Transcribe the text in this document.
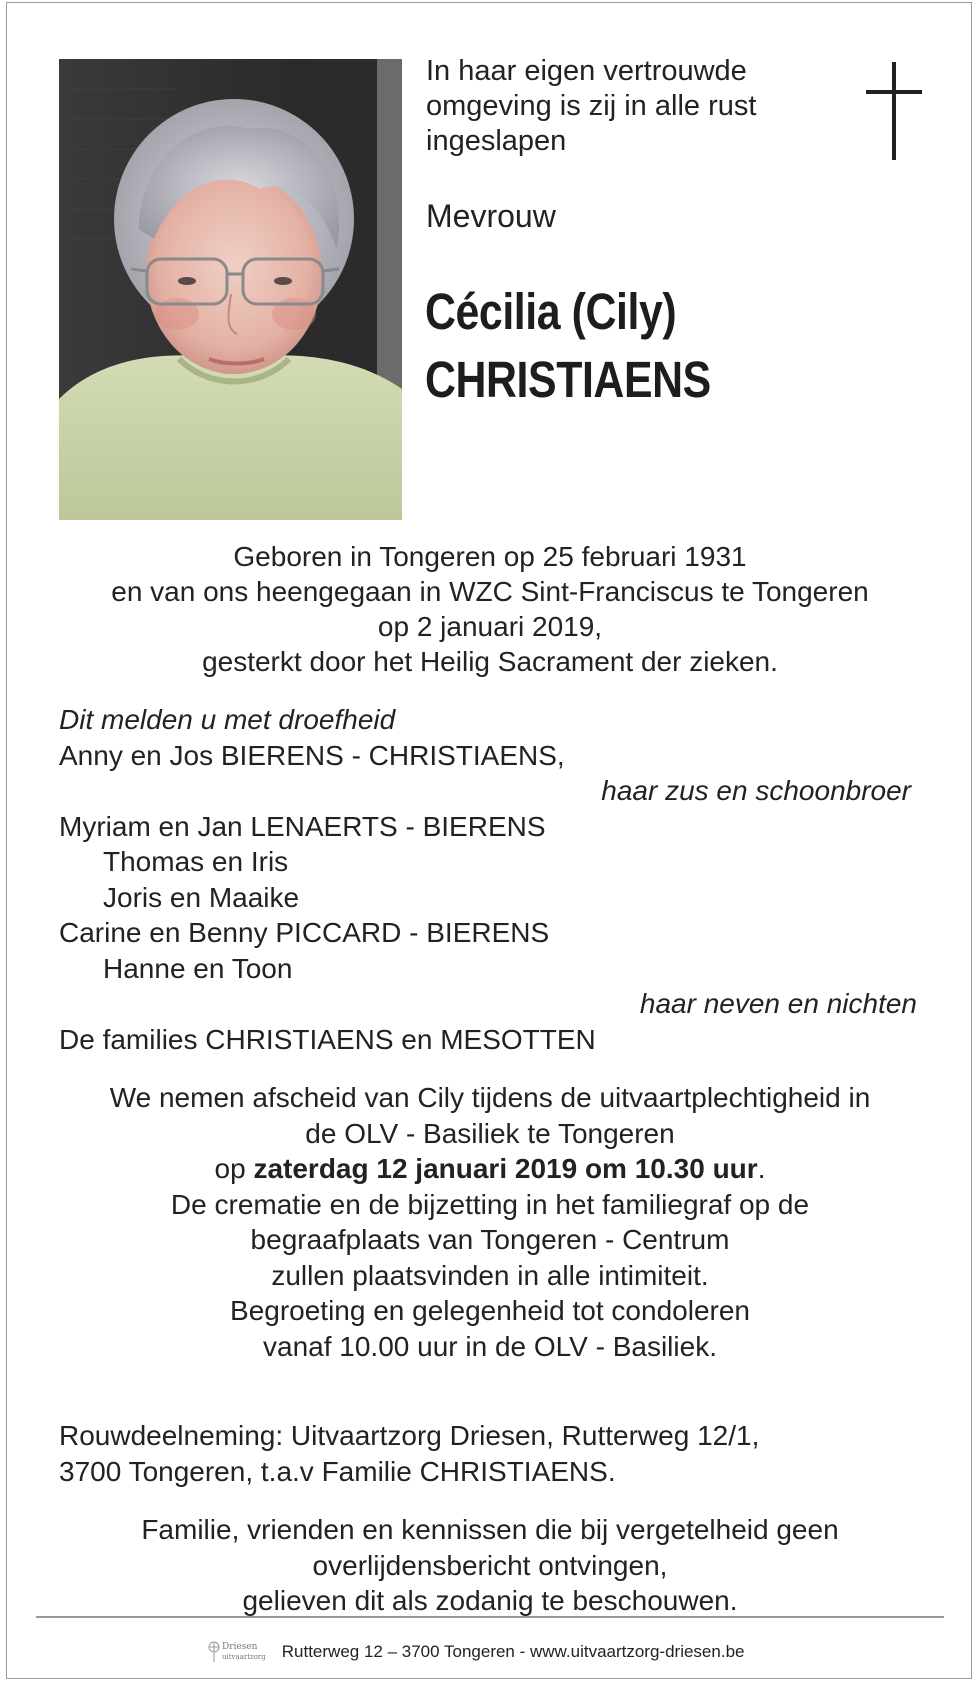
In haar eigen vertrouwde
omgeving is zij in alle rust
ingeslapen
Mevrouw
Cécilia (Cily)
CHRISTIAENS
Geboren in Tongeren op 25 februari 1931
en van ons heengegaan in WZC Sint-Franciscus te Tongeren
op 2 januari 2019,
gesterkt door het Heilig Sacrament der zieken.
Dit melden u met droefheid
Anny en Jos BIERENS - CHRISTIAENS,
haar zus en schoonbroer
Myriam en Jan LENAERTS - BIERENS
Thomas en Iris
Joris en Maaike
Carine en Benny PICCARD - BIERENS
Hanne en Toon
haar neven en nichten
De families CHRISTIAENS en MESOTTEN
We nemen afscheid van Cily tijdens de uitvaartplechtigheid in
de OLV - Basiliek te Tongeren
op zaterdag 12 januari 2019 om 10.30 uur.
De crematie en de bijzetting in het familiegraf op de
begraafplaats van Tongeren - Centrum
zullen plaatsvinden in alle intimiteit.
Begroeting en gelegenheid tot condoleren
vanaf 10.00 uur in de OLV - Basiliek.
Rouwdeelneming: Uitvaartzorg Driesen, Rutterweg 12/1,
3700 Tongeren, t.a.v Familie CHRISTIAENS.
Familie, vrienden en kennissen die bij vergetelheid geen
overlijdensbericht ontvingen,
gelieven dit als zodanig te beschouwen.
Driesen
uitvaartzorg Rutterweg 12 – 3700 Tongeren - www.uitvaartzorg-driesen.be
